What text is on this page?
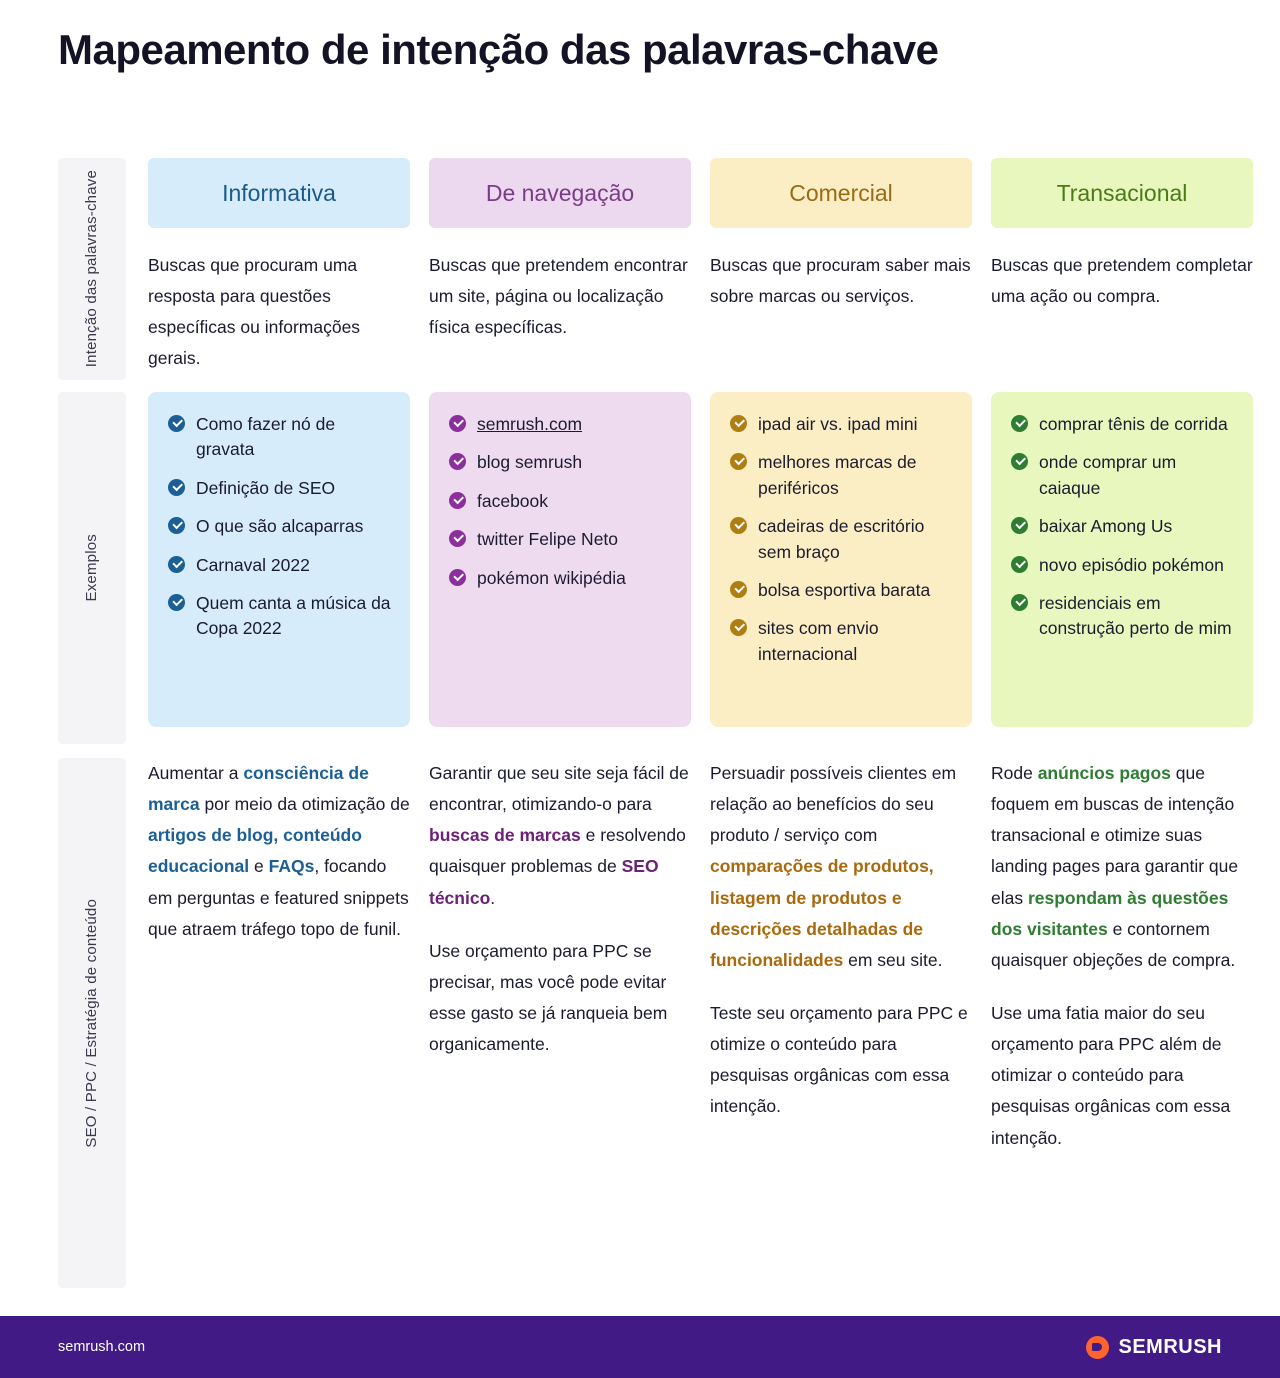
Mapeamento de intenção das palavras-chave
Intenção das palavras-chave	Informativa
Buscas que procuram uma resposta para questões específicas ou informações gerais.
De navegação
Buscas que pretendem encontrar um site, página ou localização física específicas.
Comercial
Buscas que procuram saber mais sobre marcas ou serviços.
Transacional
Buscas que pretendem completar uma ação ou compra.
Exemplos
Como fazer nó de gravata
Definição de SEO
O que são alcaparras
Carnaval 2022
Quem canta a música da Copa 2022
semrush.com
blog semrush
facebook
twitter Felipe Neto
pokémon wikipédia
ipad air vs. ipad mini
melhores marcas de periféricos
cadeiras de escritório sem braço
bolsa esportiva barata
sites com envio internacional
comprar tênis de corrida
onde comprar um caiaque
baixar Among Us
novo episódio pokémon
residenciais em construção perto de mim
SEO / PPC / Estratégia de conteúdo

Aumentar a consciência de marca por meio da otimização de artigos de blog, conteúdo educacional e FAQs, focando em perguntas e featured snippets que atraem tráfego topo de funil.

Garantir que seu site seja fácil de encontrar, otimizando-o para buscas de marcas e resolvendo quaisquer problemas de SEO técnico.

Use orçamento para PPC se precisar, mas você pode evitar esse gasto se já ranqueia bem organicamente.

Persuadir possíveis clientes em relação ao benefícios do seu produto / serviço com comparações de produtos, listagem de produtos e descrições detalhadas de funcionalidades em seu site.

Teste seu orçamento para PPC e otimize o conteúdo para pesquisas orgânicas com essa intenção.

Rode anúncios pagos que foquem em buscas de intenção transacional e otimize suas landing pages para garantir que elas respondam às questões dos visitantes e contornem quaisquer objeções de compra.

Use uma fatia maior do seu orçamento para PPC além de otimizar o conteúdo para pesquisas orgânicas com essa intenção.

semrush.com	SEMRUSH
